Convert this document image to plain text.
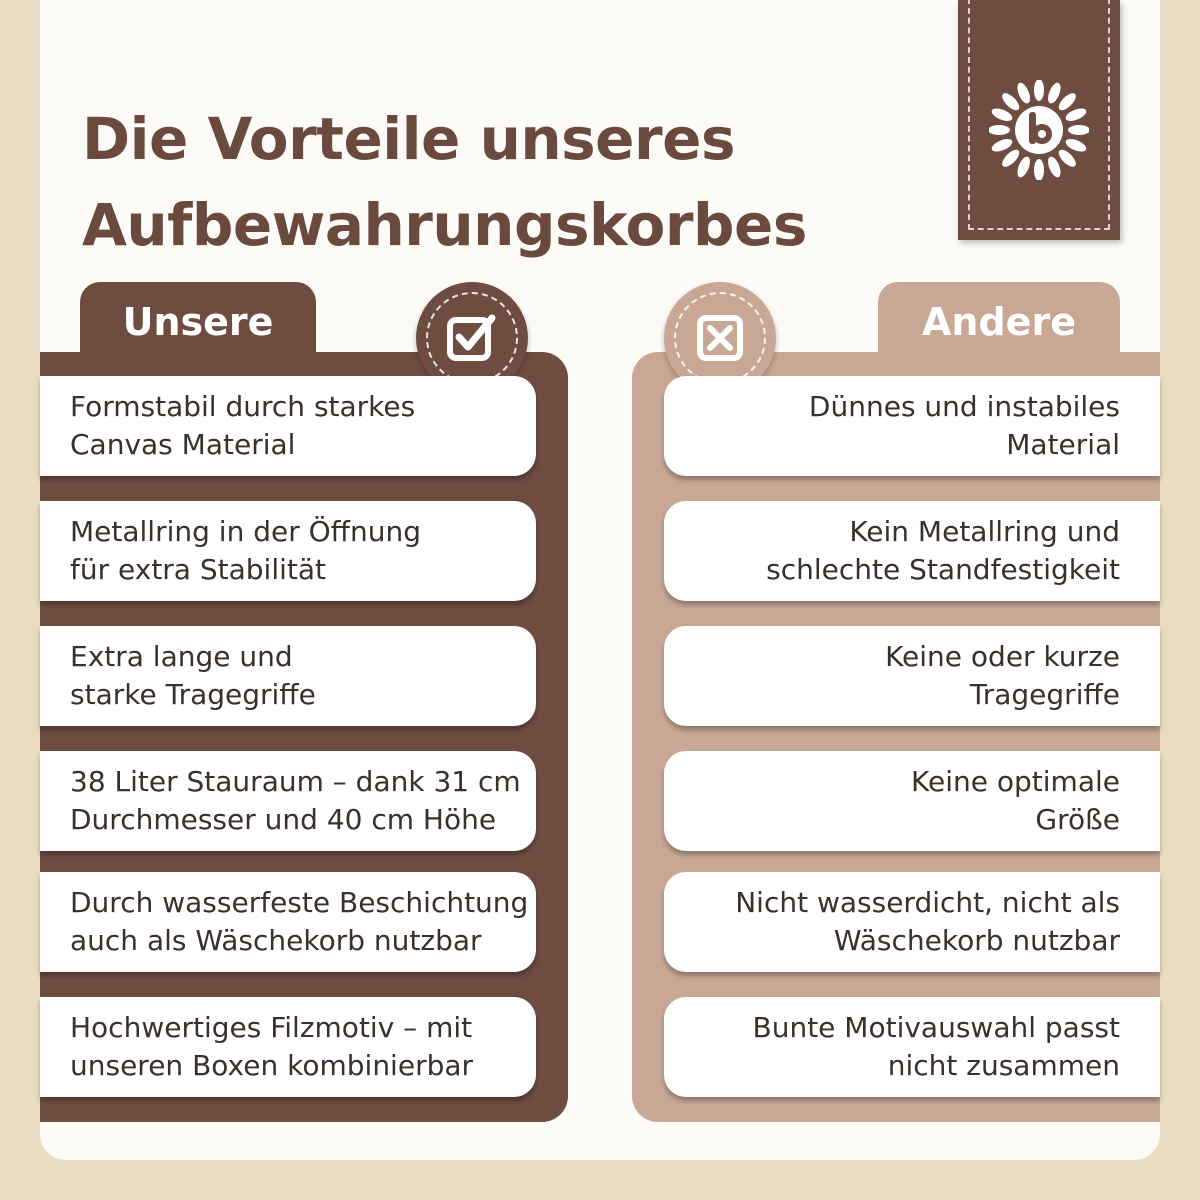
Die Vorteile unseres
Aufbewahrungskorbes
Unsere
Formstabil durch starkes
Canvas Material
Metallring in der Öffnung
für extra Stabilität
Extra lange und
starke Tragegriffe
38 Liter Stauraum – dank 31 cm
Durchmesser und 40 cm Höhe
Durch wasserfeste Beschichtung
auch als Wäschekorb nutzbar
Hochwertiges Filzmotiv – mit
unseren Boxen kombinierbar
Andere
Dünnes und instabiles
Material
Kein Metallring und
schlechte Standfestigkeit
Keine oder kurze
Tragegriffe
Keine optimale
Größe
Nicht wasserdicht, nicht als
Wäschekorb nutzbar
Bunte Motivauswahl passt
nicht zusammen
